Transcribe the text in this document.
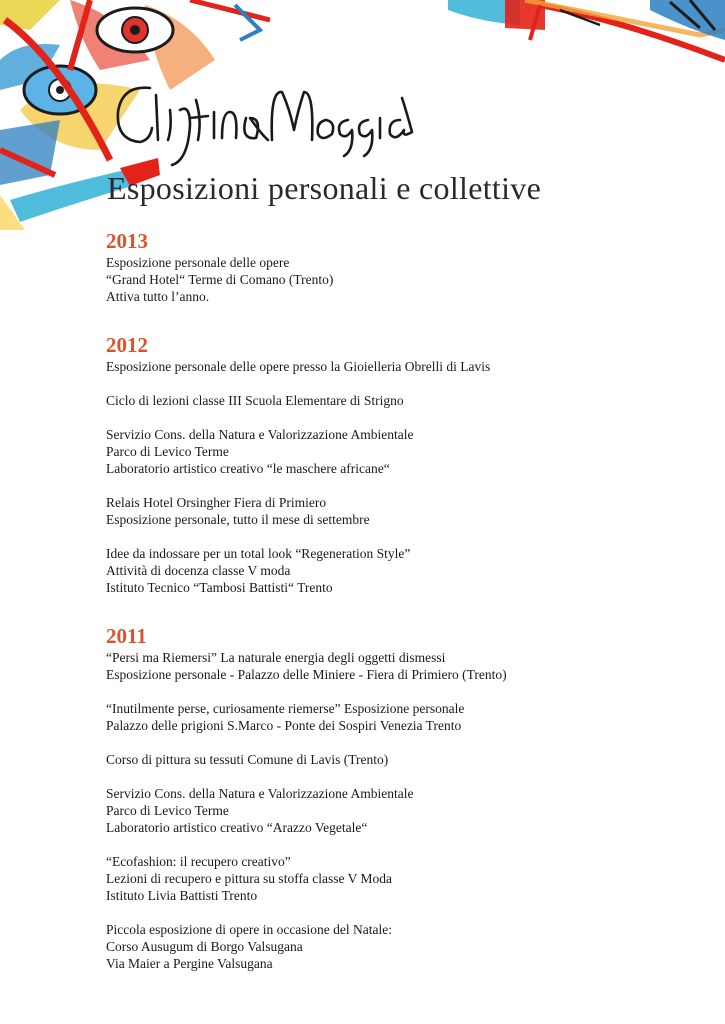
Esposizioni personali e collettive
2013
Esposizione personale delle opere
“Grand Hotel“ Terme di Comano (Trento)
Attiva tutto l’anno.
2012
Esposizione personale delle opere presso la Gioielleria Obrelli di Lavis
Ciclo di lezioni classe III Scuola Elementare di Strigno
Servizio Cons. della Natura e Valorizzazione Ambientale
Parco di Levico Terme
Laboratorio artistico creativo “le maschere africane“
Relais Hotel Orsingher Fiera di Primiero
Esposizione personale, tutto il mese di settembre
Idee da indossare per un total look “Regeneration Style”
Attività di docenza classe V moda
Istituto Tecnico “Tambosi Battisti“ Trento
2011
“Persi ma Riemersi” La naturale energia degli oggetti dismessi
Esposizione personale - Palazzo delle Miniere - Fiera di Primiero (Trento)
“Inutilmente perse, curiosamente riemerse” Esposizione personale
Palazzo delle prigioni S.Marco - Ponte dei Sospiri Venezia Trento
Corso di pittura su tessuti Comune di Lavis (Trento)
Servizio Cons. della Natura e Valorizzazione Ambientale
Parco di Levico Terme
Laboratorio artistico creativo “Arazzo Vegetale“
“Ecofashion: il recupero creativo”
Lezioni di recupero e pittura su stoffa classe V Moda
Istituto Livia Battisti Trento
Piccola esposizione di opere in occasione del Natale:
Corso Ausugum di Borgo Valsugana
Via Maier a Pergine Valsugana
